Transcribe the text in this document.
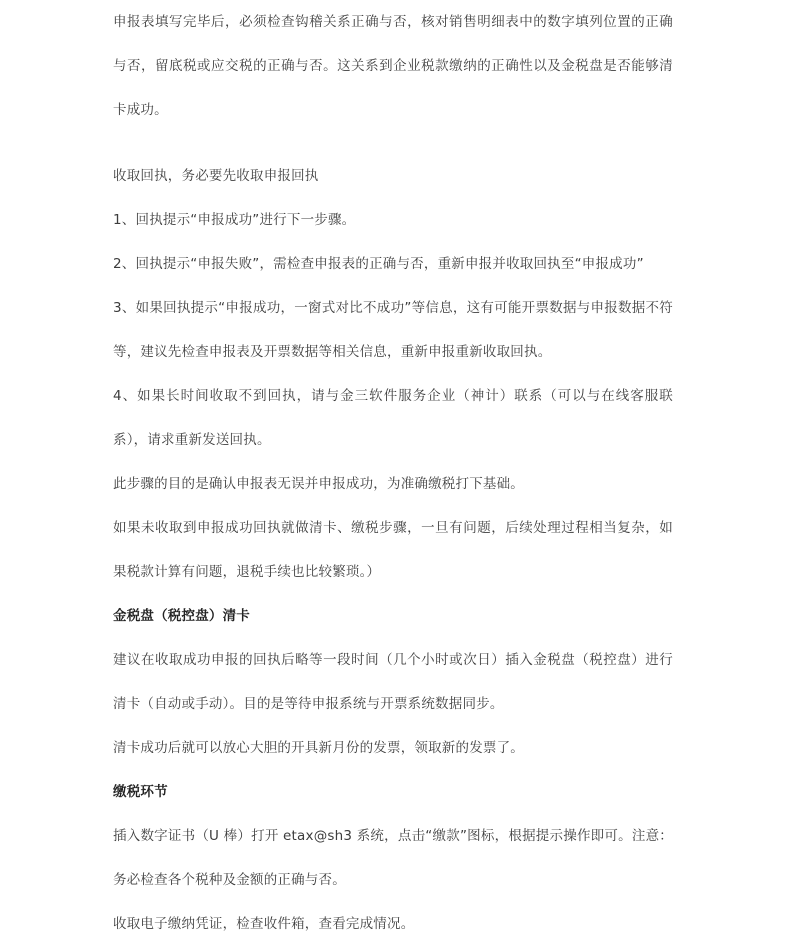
申报表填写完毕后，必须检查钩稽关系正确与否，核对销售明细表中的数字填列位置的正确与否，留底税或应交税的正确与否。这关系到企业税款缴纳的正确性以及金税盘是否能够清卡成功。

收取回执，务必要先收取申报回执

1、回执提示“申报成功”进行下一步骤。

2、回执提示“申报失败”，需检查申报表的正确与否，重新申报并收取回执至“申报成功”

3、如果回执提示“申报成功，一窗式对比不成功”等信息，这有可能开票数据与申报数据不符等，建议先检查申报表及开票数据等相关信息，重新申报重新收取回执。

4、如果长时间收取不到回执，请与金三软件服务企业（神计）联系（可以与在线客服联系），请求重新发送回执。

此步骤的目的是确认申报表无误并申报成功，为准确缴税打下基础。

如果未收取到申报成功回执就做清卡、缴税步骤，一旦有问题，后续处理过程相当复杂，如果税款计算有问题，退税手续也比较繁琐。）

金税盘（税控盘）清卡

建议在收取成功申报的回执后略等一段时间（几个小时或次日）插入金税盘（税控盘）进行清卡（自动或手动）。目的是等待申报系统与开票系统数据同步。

清卡成功后就可以放心大胆的开具新月份的发票，领取新的发票了。

缴税环节

插入数字证书（U 棒）打开 etax@sh3 系统，点击“缴款”图标，根据提示操作即可。注意：务必检查各个税种及金额的正确与否。

收取电子缴纳凭证，检查收件箱，查看完成情况。
